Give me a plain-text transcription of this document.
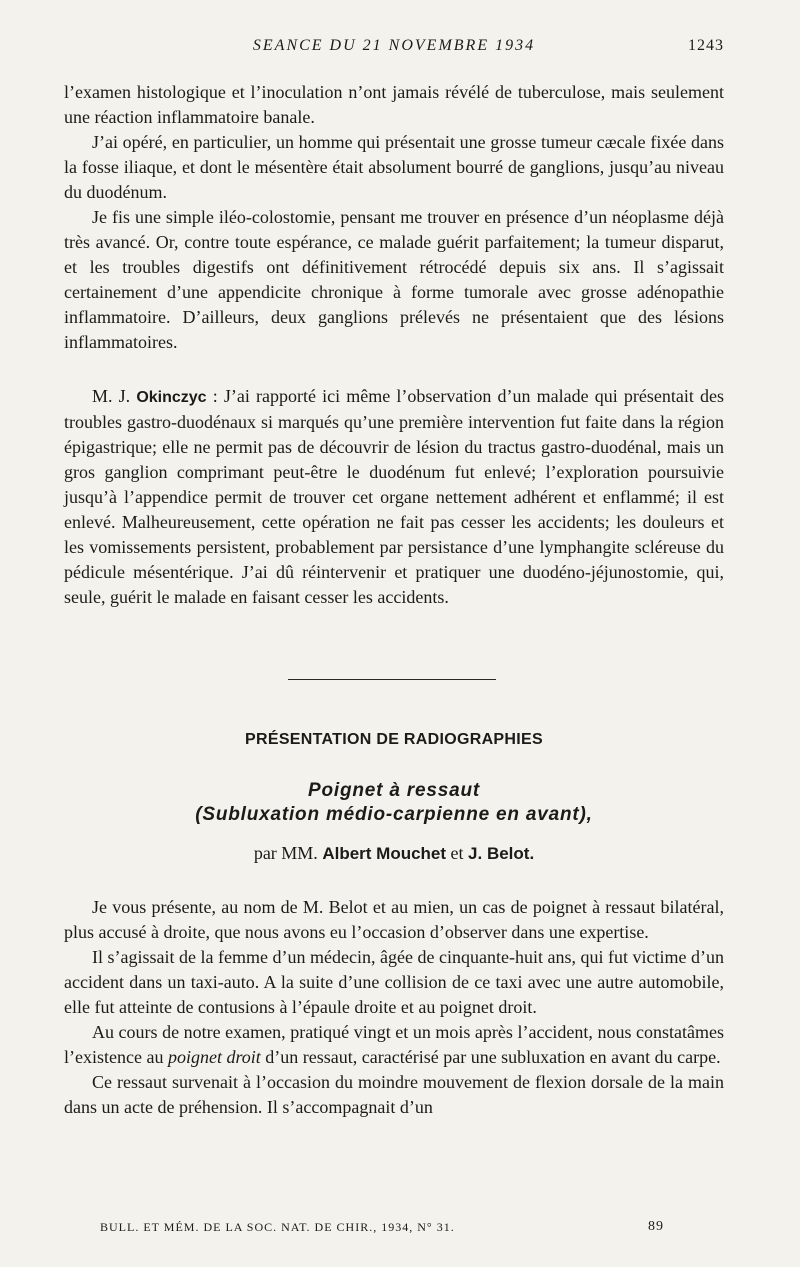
SEANCE DU 21 NOVEMBRE 1934	1243

l’examen histologique et l’inoculation n’ont jamais révélé de tuberculose, mais seulement une réaction inflammatoire banale.

J’ai opéré, en particulier, un homme qui présentait une grosse tumeur cæcale fixée dans la fosse iliaque, et dont le mésentère était absolument bourré de ganglions, jusqu’au niveau du duodénum.

Je fis une simple iléo-colostomie, pensant me trouver en présence d’un néoplasme déjà très avancé. Or, contre toute espérance, ce malade guérit parfaitement; la tumeur disparut, et les troubles digestifs ont définitivement rétrocédé depuis six ans. Il s’agissait certainement d’une appendicite chronique à forme tumorale avec grosse adénopathie inflammatoire. D’ailleurs, deux ganglions prélevés ne présentaient que des lésions inflammatoires.

M. J. Okinczyc : J’ai rapporté ici même l’observation d’un malade qui présentait des troubles gastro-duodénaux si marqués qu’une première intervention fut faite dans la région épigastrique; elle ne permit pas de découvrir de lésion du tractus gastro-duodénal, mais un gros ganglion comprimant peut-être le duodénum fut enlevé; l’exploration poursuivie jusqu’à l’appendice permit de trouver cet organe nettement adhérent et enflammé; il est enlevé. Malheureusement, cette opération ne fait pas cesser les accidents; les douleurs et les vomissements persistent, probablement par persistance d’une lymphangite scléreuse du pédicule mésentérique. J’ai dû réintervenir et pratiquer une duodéno-jéjunostomie, qui, seule, guérit le malade en faisant cesser les accidents.

PRÉSENTATION DE RADIOGRAPHIES
Poignet à ressaut
(Subluxation médio-carpienne en avant),
par MM. Albert Mouchet et J. Belot.

Je vous présente, au nom de M. Belot et au mien, un cas de poignet à ressaut bilatéral, plus accusé à droite, que nous avons eu l’occasion d’observer dans une expertise.

Il s’agissait de la femme d’un médecin, âgée de cinquante-huit ans, qui fut victime d’un accident dans un taxi-auto. A la suite d’une collision de ce taxi avec une autre automobile, elle fut atteinte de contusions à l’épaule droite et au poignet droit.

Au cours de notre examen, pratiqué vingt et un mois après l’accident, nous constatâmes l’existence au poignet droit d’un ressaut, caractérisé par une subluxation en avant du carpe.

Ce ressaut survenait à l’occasion du moindre mouvement de flexion dorsale de la main dans un acte de préhension. Il s’accompagnait d’un

BULL. ET MÉM. DE LA SOC. NAT. DE CHIR., 1934, N° 31.	89
